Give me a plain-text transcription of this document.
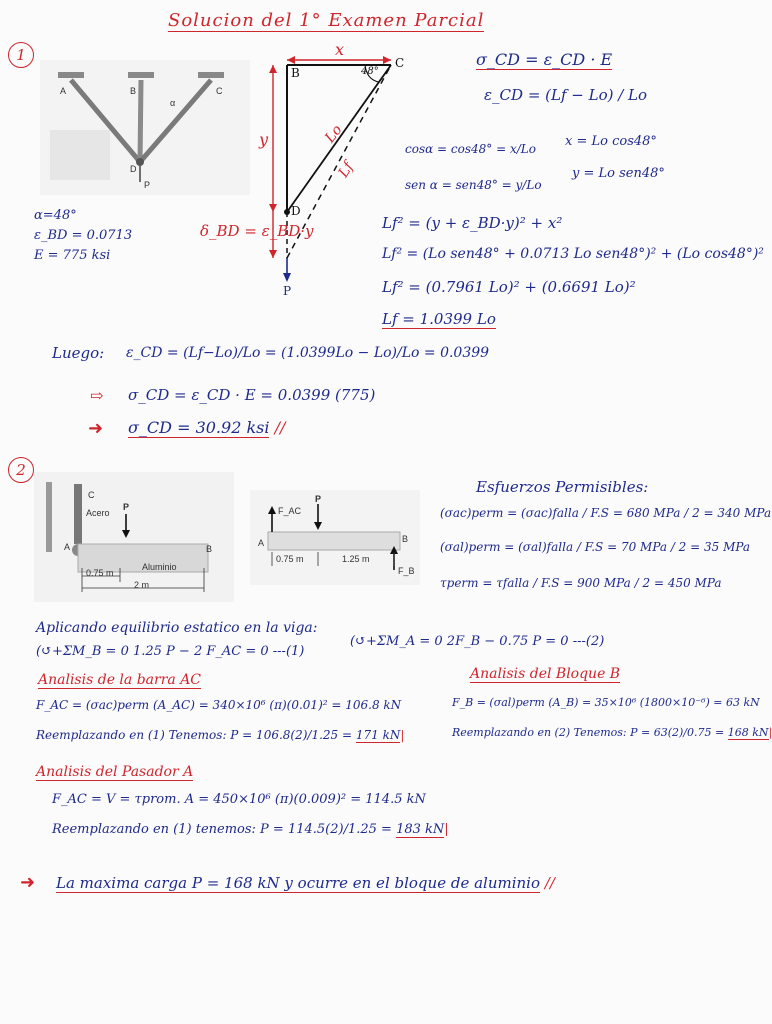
Solucion del 1° Examen Parcial
1
A	B	C
α
D
P
x
y
B
C
D
P
48°
Lo
Lf
δ_BD = ε_BD·y
α=48°
ε_BD = 0.0713
E = 775 ksi
σ_CD = ε_CD · E
ε_CD = (Lf − Lo) / Lo
cosα = cos48° = x/Lo x = Lo cos48°
sen α = sen48° = y/Lo
y = Lo sen48°
Lf² = (y + ε_BD·y)² + x²
Lf² = (Lo sen48° + 0.0713 Lo sen48°)² + (Lo cos48°)²
Lf² = (0.7961 Lo)² + (0.6691 Lo)²
Lf = 1.0399 Lo
Luego: ε_CD = (Lf−Lo)/Lo = (1.0399Lo − Lo)/Lo = 0.0399
⇨ σ_CD = ε_CD · E = 0.0399 (775)
➜ σ_CD = 30.92 ksi //
2
C
Acero
P
A	B
Aluminio
0.75 m
2 m
F_AC
P
A	B
F_B
0.75 m	1.25 m
Esfuerzos Permisibles:
(σac)perm = (σac)falla / F.S = 680 MPa / 2 = 340 MPa
(σal)perm = (σal)falla / F.S = 70 MPa / 2 = 35 MPa
τperm = τfalla / F.S = 900 MPa / 2 = 450 MPa
Aplicando equilibrio estatico en la viga:
(↺+ΣM_B = 0 1.25 P − 2 F_AC = 0 ---(1)
(↺+ΣM_A = 0 2F_B − 0.75 P = 0 ---(2)
Analisis de la barra AC
F_AC = (σac)perm (A_AC) = 340×10⁶ (π)(0.01)² = 106.8 kN
Reemplazando en (1) Tenemos: P = 106.8(2)/1.25 = 171 kN|
Analisis del Bloque B
F_B = (σal)perm (A_B) = 35×10⁶ (1800×10⁻⁶) = 63 kN
Reemplazando en (2) Tenemos: P = 63(2)/0.75 = 168 kN|
Analisis del Pasador A
F_AC = V = τprom. A = 450×10⁶ (π)(0.009)² = 114.5 kN
Reemplazando en (1) tenemos: P = 114.5(2)/1.25 = 183 kN|
➜ La maxima carga P = 168 kN y ocurre en el bloque de aluminio //
